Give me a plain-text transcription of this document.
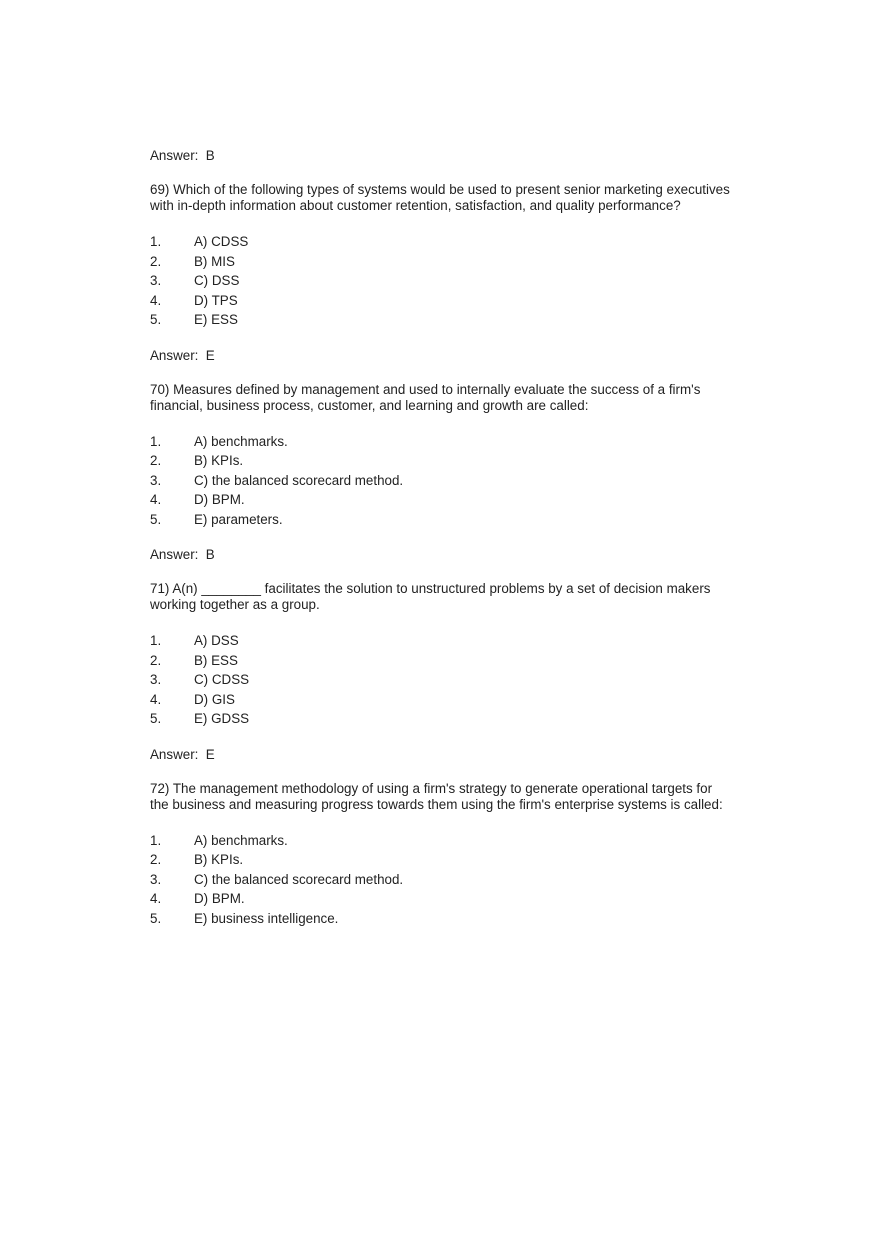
Answer:  B

69) Which of the following types of systems would be used to present senior marketing executives with in-depth information about customer retention, satisfaction, and quality performance?

1.	A) CDSS
2.	B) MIS
3.	C) DSS
4.	D) TPS
5.	E) ESS

Answer:  E

70) Measures defined by management and used to internally evaluate the success of a firm's financial, business process, customer, and learning and growth are called:

1.	A) benchmarks.
2.	B) KPIs.
3.	C) the balanced scorecard method.
4.	D) BPM.
5.	E) parameters.

Answer:  B

71) A(n) ________ facilitates the solution to unstructured problems by a set of decision makers working together as a group.

1.	A) DSS
2.	B) ESS
3.	C) CDSS
4.	D) GIS
5.	E) GDSS

Answer:  E

72) The management methodology of using a firm's strategy to generate operational targets for the business and measuring progress towards them using the firm's enterprise systems is called:

1.	A) benchmarks.
2.	B) KPIs.
3.	C) the balanced scorecard method.
4.	D) BPM.
5.	E) business intelligence.
